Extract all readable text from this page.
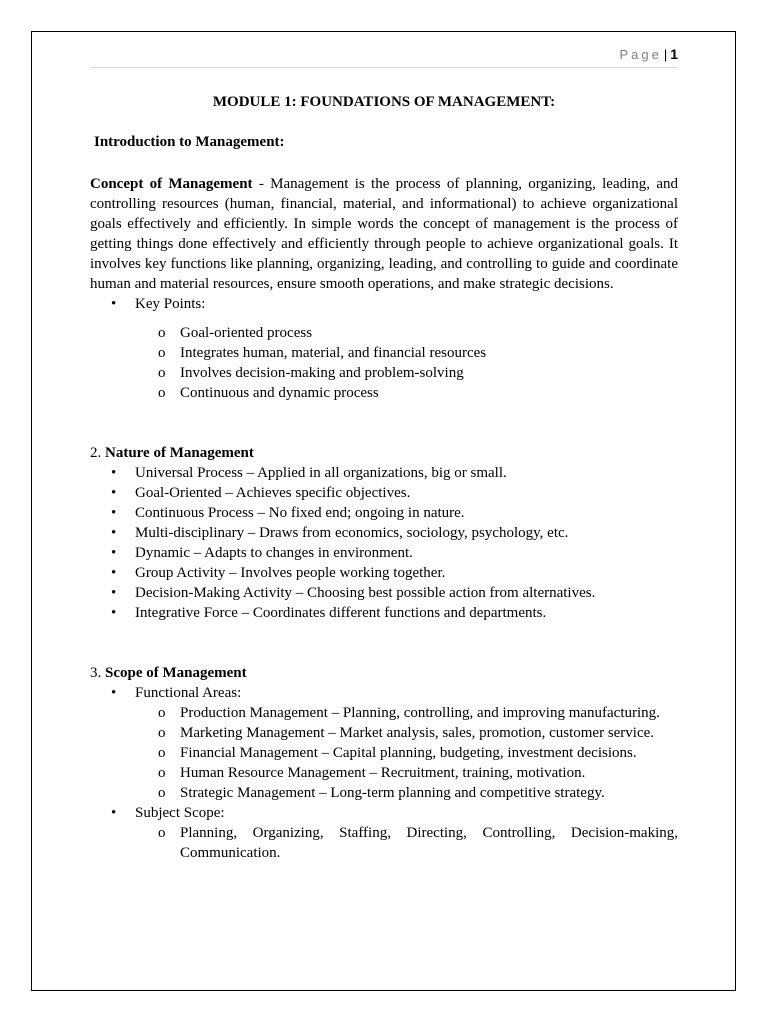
Page | 1

MODULE 1: FOUNDATIONS OF MANAGEMENT:

Introduction to Management:

Concept of Management - Management is the process of planning, organizing, leading, and controlling resources (human, financial, material, and informational) to achieve organizational goals effectively and efficiently. In simple words the concept of management is the process of getting things done effectively and efficiently through people to achieve organizational goals. It involves key functions like planning, organizing, leading, and controlling to guide and coordinate human and material resources, ensure smooth operations, and make strategic decisions.

• Key Points:
o Goal-oriented process
o Integrates human, material, and financial resources
o Involves decision-making and problem-solving
o Continuous and dynamic process

2. Nature of Management

• Universal Process – Applied in all organizations, big or small.
• Goal-Oriented – Achieves specific objectives.
• Continuous Process – No fixed end; ongoing in nature.
• Multi-disciplinary – Draws from economics, sociology, psychology, etc.
• Dynamic – Adapts to changes in environment.
• Group Activity – Involves people working together.
• Decision-Making Activity – Choosing best possible action from alternatives.
• Integrative Force – Coordinates different functions and departments.

3. Scope of Management

• Functional Areas:
o Production Management – Planning, controlling, and improving manufacturing.
o Marketing Management – Market analysis, sales, promotion, customer service.
o Financial Management – Capital planning, budgeting, investment decisions.
o Human Resource Management – Recruitment, training, motivation.
o Strategic Management – Long-term planning and competitive strategy.
• Subject Scope:
o Planning, Organizing, Staffing, Directing, Controlling, Decision-making, Communication.
